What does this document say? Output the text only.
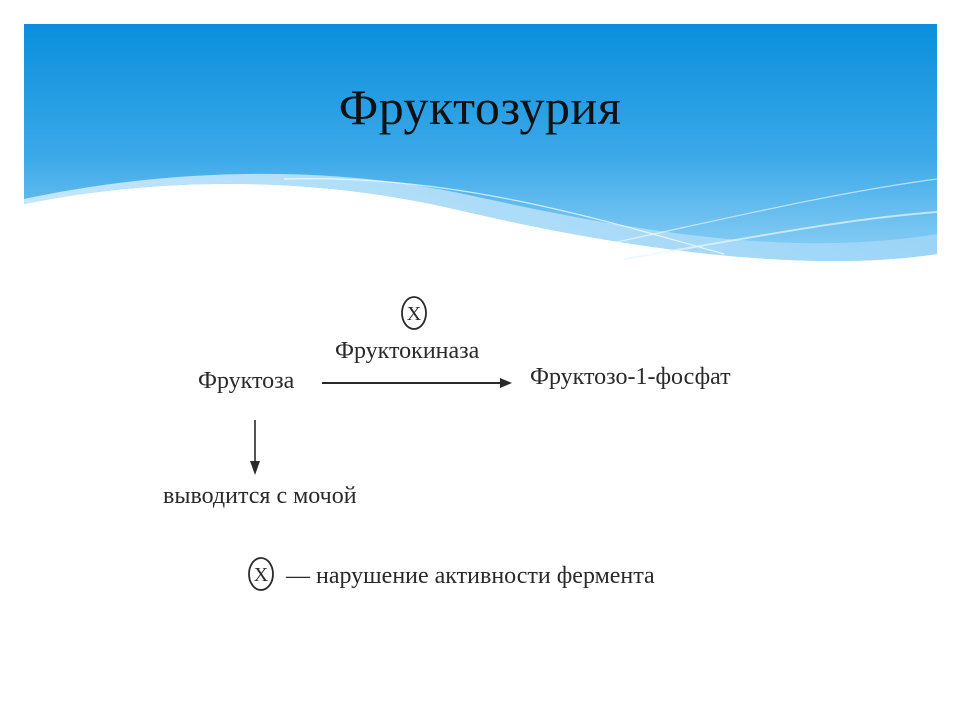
Фруктозурия
X
Фруктокиназа
Фруктоза	Фруктозо-1-фосфат
выводится с мочой
X — нарушение активности фермента
